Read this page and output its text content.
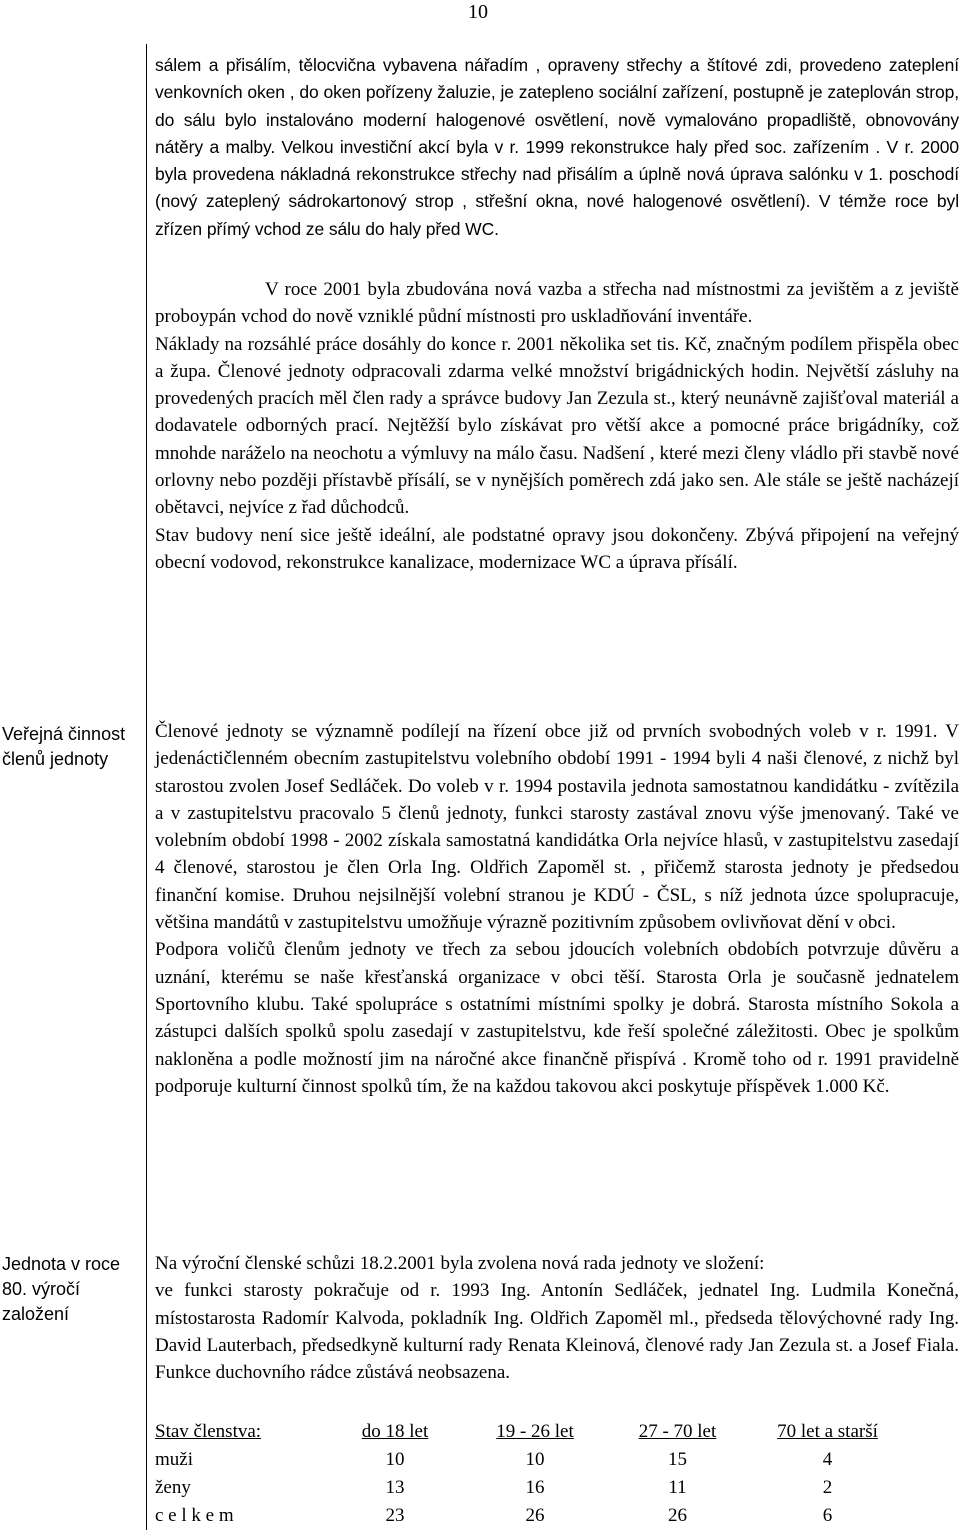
10

sálem a přisálím, tělocvična vybavena nářadím , opraveny střechy a štítové zdi, provedeno zateplení venkovních oken , do oken pořízeny žaluzie, je zatepleno sociální zařízení, postupně je zateplován strop, do sálu bylo instalováno moderní halogenové osvětlení, nově vymalováno propadliště, obnovovány nátěry a malby. Velkou investiční akcí byla v r. 1999 rekonstrukce haly před soc. zařízením . V r. 2000 byla provedena nákladná rekonstrukce střechy nad přisálím a úplně nová úprava salónku v 1. poschodí (nový zateplený sádrokartonový strop , střešní okna, nové halogenové osvětlení). V témže roce byl zřízen přímý vchod ze sálu do haly před WC.

V roce 2001 byla zbudována nová vazba a střecha nad místnostmi za jevištěm a z jeviště proboурán vchod do nově vzniklé půdní místnosti pro uskladňování inventáře.

Náklady na rozsáhlé práce dosáhly do konce r. 2001 několika set tis. Kč, značným podílem přispěla obec a župa. Členové jednoty odpracovali zdarma velké množství brigádnických hodin. Největší zásluhy na provedených pracích měl člen rady a správce budovy Jan Zezula st., který neunávně zajišťoval materiál a dodavatele odborných prací. Nejtěžší bylo získávat pro větší akce a pomocné práce brigádníky, což mnohde naráželo na neochotu a výmluvy na málo času. Nadšení , které mezi členy vládlo při stavbě nové orlovny nebo později přístavbě přísálí, se v nynějších poměrech zdá jako sen. Ale stále se ještě nacházejí obětavci, nejvíce z řad důchodců.

Stav budovy není sice ještě ideální, ale podstatné opravy jsou dokončeny. Zbývá připojení na veřejný obecní vodovod, rekonstrukce kanalizace, modernizace WC a úprava přísálí.

Veřejná činnost členů jednoty

Členové jednoty se významně podílejí na řízení obce již od prvních svobodných voleb v r. 1991. V jedenáctičlenném obecním zastupitelstvu volebního období 1991 - 1994 byli 4 naši členové, z nichž byl starostou zvolen Josef Sedláček. Do voleb v r. 1994 postavila jednota samostatnou kandidátku - zvítězila a v zastupitelstvu pracovalo 5 členů jednoty, funkci starosty zastával znovu výše jmenovaný. Také ve volebním období 1998 - 2002 získala samostatná kandidátka Orla nejvíce hlasů, v zastupitelstvu zasedají 4 členové, starostou je člen Orla Ing. Oldřich Zapoměl st. , přičemž starosta jednoty je předsedou finanční komise. Druhou nejsilnější volební stranou je KDÚ - ČSL, s níž jednota úzce spolupracuje, většina mandátů v zastupitelstvu umožňuje výrazně pozitivním způsobem ovlivňovat dění v obci.

Podpora voličů členům jednoty ve třech za sebou jdoucích volebních obdobích potvrzuje důvěru a uznání, kterému se naše křesťanská organizace v obci těší. Starosta Orla je současně jednatelem Sportovního klubu. Také spolupráce s ostatními místními spolky je dobrá. Starosta místního Sokola a zástupci dalších spolků spolu zasedají v zastupitelstvu, kde řeší společné záležitosti. Obec je spolkům nakloněna a podle možností jim na náročné akce finančně přispívá . Kromě toho od r. 1991 pravidelně podporuje kulturní činnost spolků tím, že na každou takovou akci poskytuje příspěvek 1.000 Kč.

Jednota v roce 80. výročí založení

Na výroční členské schůzi 18.2.2001 byla zvolena nová rada jednoty ve složení:

ve funkci starosty pokračuje od r. 1993 Ing. Antonín Sedláček, jednatel Ing. Ludmila Konečná, místostarosta Radomír Kalvoda, pokladník Ing. Oldřich Zapoměl ml., předseda tělovýchovné rady Ing. David Lauterbach, předsedkyně kulturní rady Renata Kleinová, členové rady Jan Zezula st. a Josef Fiala. Funkce duchovního rádce zůstává neobsazena.

Stav členstva:	do 18 let	19 - 26 let	27 - 70 let	70 let a starší
muži	10	10	15	4
ženy	13	16	11	2
c e l k e m	23	26	26	6
